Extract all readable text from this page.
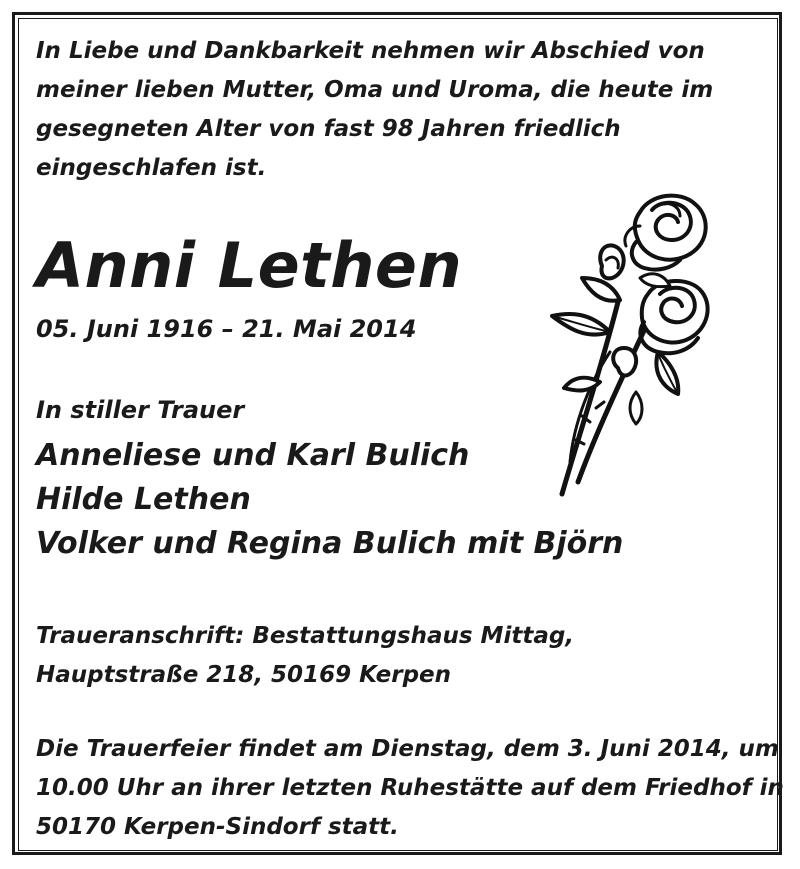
In Liebe und Dankbarkeit nehmen wir Abschied von
meiner lieben Mutter, Oma und Uroma, die heute im
gesegneten Alter von fast 98 Jahren friedlich
eingeschlafen ist.
Anni Lethen
05. Juni 1916 – 21. Mai 2014
In stiller Trauer
Anneliese und Karl Bulich
Hilde Lethen
Volker und Regina Bulich mit Björn
Traueranschrift: Bestattungshaus Mittag,
Hauptstraße 218, 50169 Kerpen
Die Trauerfeier findet am Dienstag, dem 3. Juni 2014, um
10.00 Uhr an ihrer letzten Ruhestätte auf dem Friedhof in
50170 Kerpen-Sindorf statt.
